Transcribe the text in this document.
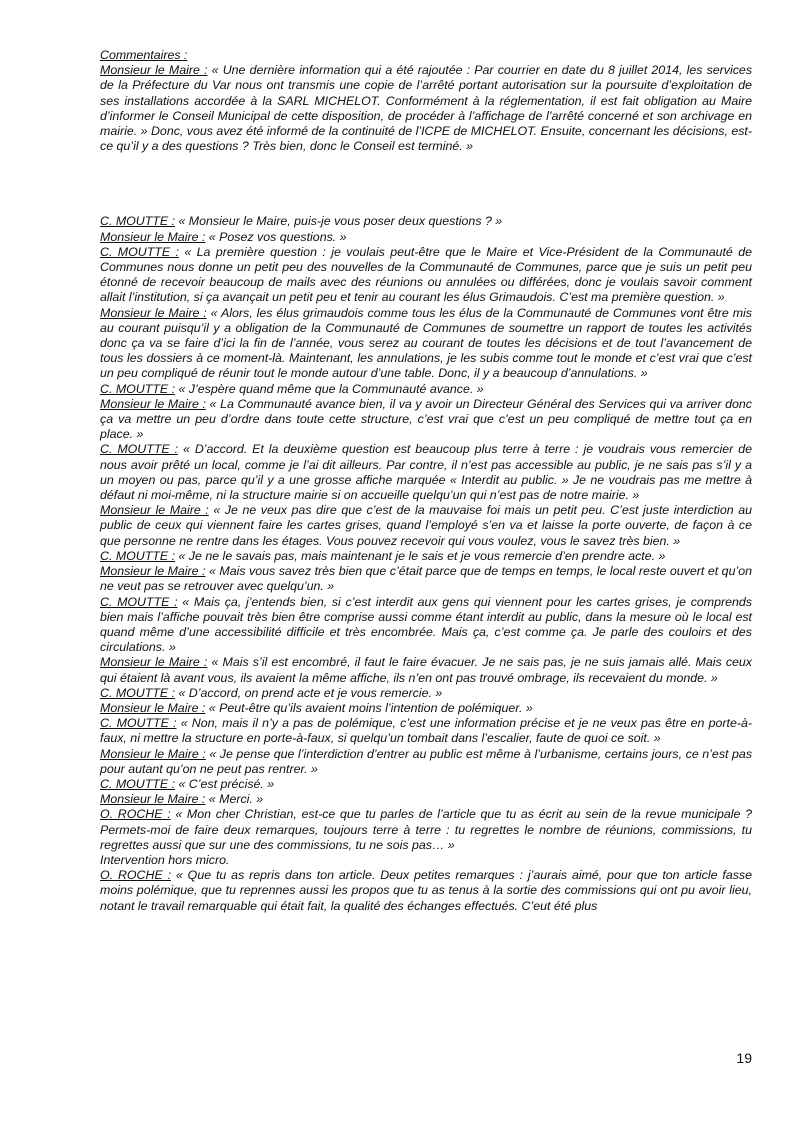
Commentaires :

Monsieur le Maire : « Une dernière information qui a été rajoutée : Par courrier en date du 8 juillet 2014, les services de la Préfecture du Var nous ont transmis une copie de l’arrêté portant autorisation sur la poursuite d’exploitation de ses installations accordée à la SARL MICHELOT. Conformément à la réglementation, il est fait obligation au Maire d’informer le Conseil Municipal de cette disposition, de procéder à l’affichage de l’arrêté concerné et son archivage en mairie. » Donc, vous avez été informé de la continuité de l’ICPE de MICHELOT. Ensuite, concernant les décisions, est-ce qu’il y a des questions ? Très bien, donc le Conseil est terminé. »

C. MOUTTE : « Monsieur le Maire, puis-je vous poser deux questions ? »

Monsieur le Maire : « Posez vos questions. »

C. MOUTTE : « La première question : je voulais peut-être que le Maire et Vice-Président de la Communauté de Communes nous donne un petit peu des nouvelles de la Communauté de Communes, parce que je suis un petit peu étonné de recevoir beaucoup de mails avec des réunions ou annulées ou différées, donc je voulais savoir comment allait l’institution, si ça avançait un petit peu et tenir au courant les élus Grimaudois. C’est ma première question. »

Monsieur le Maire : « Alors, les élus grimaudois comme tous les élus de la Communauté de Communes vont être mis au courant puisqu’il y a obligation de la Communauté de Communes de soumettre un rapport de toutes les activités donc ça va se faire d’ici la fin de l’année, vous serez au courant de toutes les décisions et de tout l’avancement de tous les dossiers à ce moment-là. Maintenant, les annulations, je les subis comme tout le monde et c’est vrai que c’est un peu compliqué de réunir tout le monde autour d’une table. Donc, il y a beaucoup d’annulations. »

C. MOUTTE : « J’espère quand même que la Communauté avance. »

Monsieur le Maire : « La Communauté avance bien, il va y avoir un Directeur Général des Services qui va arriver donc ça va mettre un peu d’ordre dans toute cette structure, c’est vrai que c’est un peu compliqué de mettre tout ça en place. »

C. MOUTTE : « D’accord. Et la deuxième question est beaucoup plus terre à terre : je voudrais vous remercier de nous avoir prêté un local, comme je l’ai dit ailleurs. Par contre, il n’est pas accessible au public, je ne sais pas s’il y a un moyen ou pas, parce qu’il y a une grosse affiche marquée « Interdit au public. » Je ne voudrais pas me mettre à défaut ni moi-même, ni la structure mairie si on accueille quelqu’un qui n’est pas de notre mairie. »

Monsieur le Maire : « Je ne veux pas dire que c’est de la mauvaise foi mais un petit peu. C’est juste interdiction au public de ceux qui viennent faire les cartes grises, quand l’employé s’en va et laisse la porte ouverte, de façon à ce que personne ne rentre dans les étages. Vous pouvez recevoir qui vous voulez, vous le savez très bien. »

C. MOUTTE : « Je ne le savais pas, mais maintenant je le sais et je vous remercie d’en prendre acte. »

Monsieur le Maire : « Mais vous savez très bien que c’était parce que de temps en temps, le local reste ouvert et qu’on ne veut pas se retrouver avec quelqu’un. »

C. MOUTTE : « Mais ça, j’entends bien, si c’est interdit aux gens qui viennent pour les cartes grises, je comprends bien mais l’affiche pouvait très bien être comprise aussi comme étant interdit au public, dans la mesure où le local est quand même d’une accessibilité difficile et très encombrée. Mais ça, c’est comme ça. Je parle des couloirs et des circulations. »

Monsieur le Maire : « Mais s’il est encombré, il faut le faire évacuer. Je ne sais pas, je ne suis jamais allé. Mais ceux qui étaient là avant vous, ils avaient la même affiche, ils n’en ont pas trouvé ombrage, ils recevaient du monde. »

C. MOUTTE : « D’accord, on prend acte et je vous remercie. »

Monsieur le Maire : « Peut-être qu’ils avaient moins l’intention de polémiquer. »

C. MOUTTE : « Non, mais il n’y a pas de polémique, c’est une information précise et je ne veux pas être en porte-à-faux, ni mettre la structure en porte-à-faux, si quelqu’un tombait dans l’escalier, faute de quoi ce soit. »

Monsieur le Maire : « Je pense que l’interdiction d’entrer au public est même à l’urbanisme, certains jours, ce n’est pas pour autant qu’on ne peut pas rentrer. »

C. MOUTTE : « C’est précisé. »

Monsieur le Maire : « Merci. »

O. ROCHE : « Mon cher Christian, est-ce que tu parles de l’article que tu as écrit au sein de la revue municipale ? Permets-moi de faire deux remarques, toujours terre à terre : tu regrettes le nombre de réunions, commissions, tu regrettes aussi que sur une des commissions, tu ne sois pas… »

Intervention hors micro.

O. ROCHE : « Que tu as repris dans ton article. Deux petites remarques : j’aurais aimé, pour que ton article fasse moins polémique, que tu reprennes aussi les propos que tu as tenus à la sortie des commissions qui ont pu avoir lieu, notant le travail remarquable qui était fait, la qualité des échanges effectués. C’eut été plus

19
